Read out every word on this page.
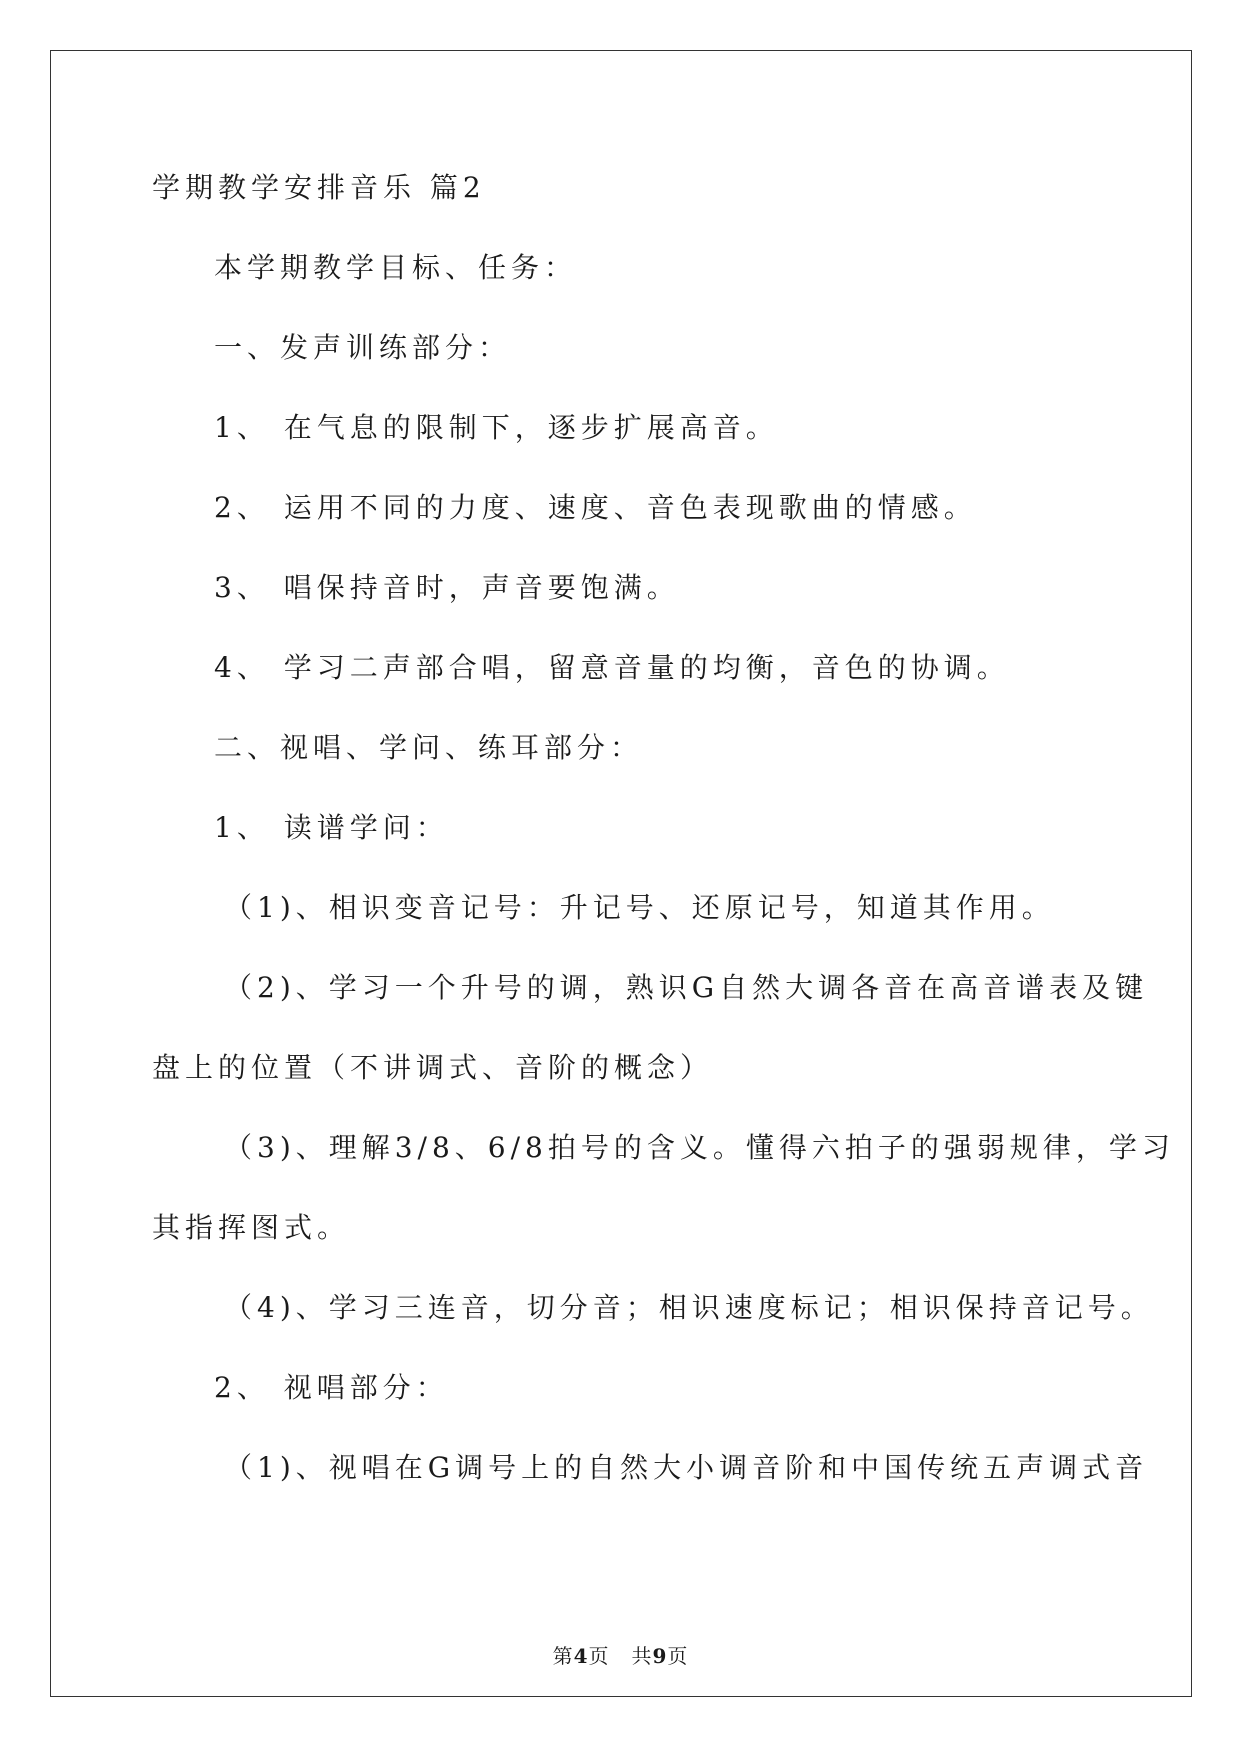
学期教学安排音乐 篇2
本学期教学目标、任务：
一、发声训练部分：
1、 在气息的限制下，逐步扩展高音。
2、 运用不同的力度、速度、音色表现歌曲的情感。
3、 唱保持音时，声音要饱满。
4、 学习二声部合唱，留意音量的均衡，音色的协调。
二、视唱、学问、练耳部分：
1、 读谱学问：
（1)、相识变音记号：升记号、还原记号，知道其作用。
（2)、学习一个升号的调，熟识G自然大调各音在高音谱表及键
盘上的位置（不讲调式、音阶的概念）
（3)、理解3/8、6/8拍号的含义。懂得六拍子的强弱规律，学习
其指挥图式。
（4)、学习三连音，切分音；相识速度标记；相识保持音记号。
2、 视唱部分：
（1)、视唱在G调号上的自然大小调音阶和中国传统五声调式音
第4页 共9页
